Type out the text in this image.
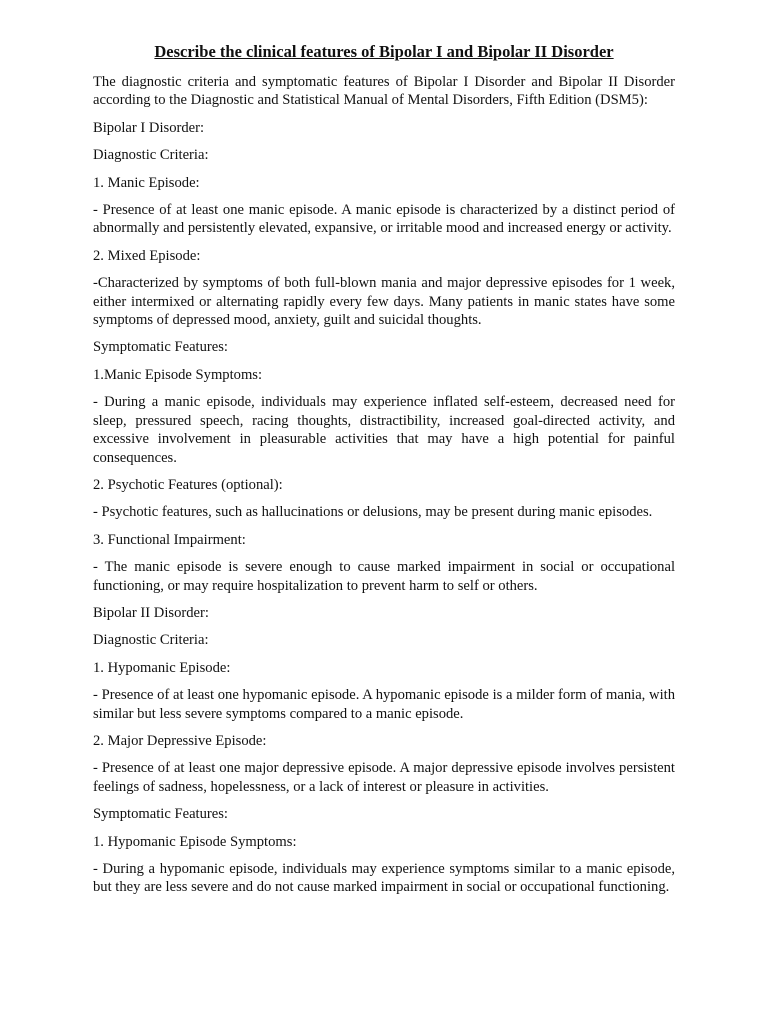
Describe the clinical features of Bipolar I and Bipolar II Disorder

The diagnostic criteria and symptomatic features of Bipolar I Disorder and Bipolar II Disorder according to the Diagnostic and Statistical Manual of Mental Disorders, Fifth Edition (DSM5):

Bipolar I Disorder:

Diagnostic Criteria:

1. Manic Episode:

- Presence of at least one manic episode. A manic episode is characterized by a distinct period of abnormally and persistently elevated, expansive, or irritable mood and increased energy or activity.

2. Mixed Episode:

-Characterized by symptoms of both full-blown mania and major depressive episodes for 1 week, either intermixed or alternating rapidly every few days. Many patients in manic states have some symptoms of depressed mood, anxiety, guilt and suicidal thoughts.

Symptomatic Features:

1.Manic Episode Symptoms:

- During a manic episode, individuals may experience inflated self-esteem, decreased need for sleep, pressured speech, racing thoughts, distractibility, increased goal-directed activity, and excessive involvement in pleasurable activities that may have a high potential for painful consequences.

2. Psychotic Features (optional):

- Psychotic features, such as hallucinations or delusions, may be present during manic episodes.

3. Functional Impairment:

- The manic episode is severe enough to cause marked impairment in social or occupational functioning, or may require hospitalization to prevent harm to self or others.

Bipolar II Disorder:

Diagnostic Criteria:

1. Hypomanic Episode:

- Presence of at least one hypomanic episode. A hypomanic episode is a milder form of mania, with similar but less severe symptoms compared to a manic episode.

2. Major Depressive Episode:

- Presence of at least one major depressive episode. A major depressive episode involves persistent feelings of sadness, hopelessness, or a lack of interest or pleasure in activities.

Symptomatic Features:

1. Hypomanic Episode Symptoms:

- During a hypomanic episode, individuals may experience symptoms similar to a manic episode, but they are less severe and do not cause marked impairment in social or occupational functioning.
